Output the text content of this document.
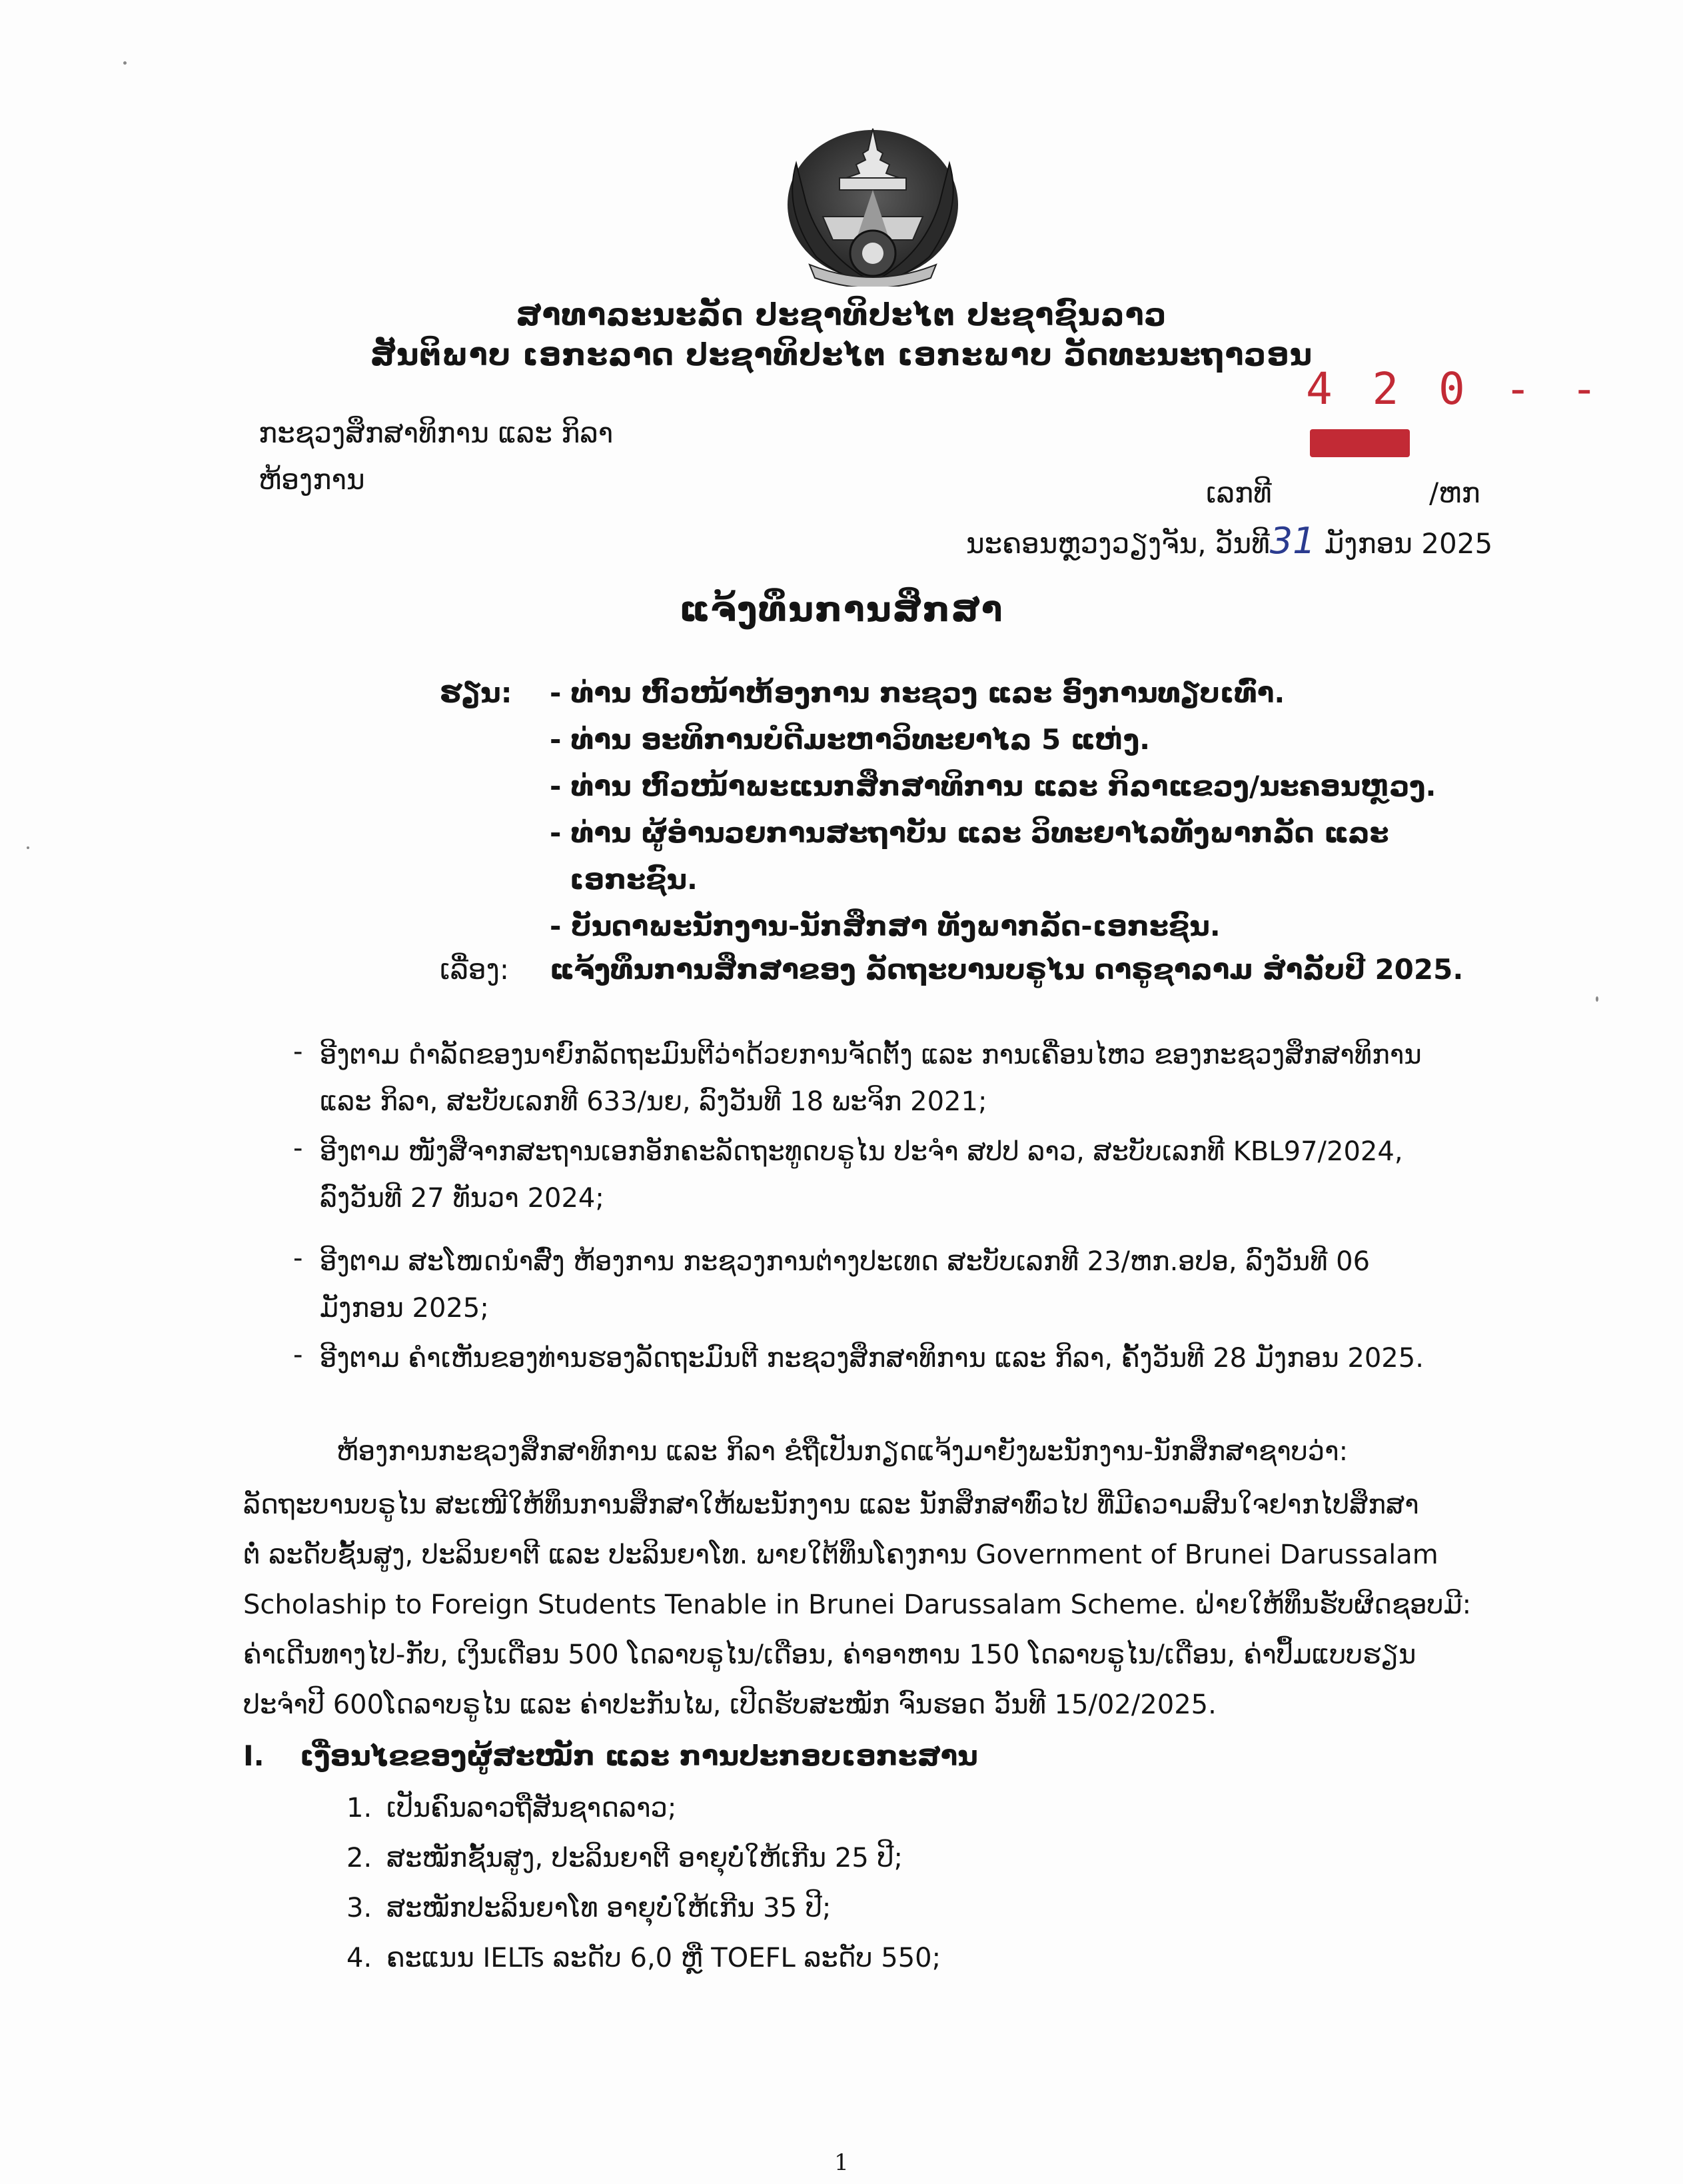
ສາທາລະນະລັດ ປະຊາທິປະໄຕ ປະຊາຊົນລາວ
ສັນຕິພາບ ເອກະລາດ ປະຊາທິປະໄຕ ເອກະພາບ ວັດທະນະຖາວອນ
4 2 0 - -
ກະຊວງສຶກສາທິການ ແລະ ກິລາ
ຫ້ອງການ	ເລກທີ	/ຫກ
ນະຄອນຫຼວງວຽງຈັນ, ວັນທີ31 ມັງກອນ 2025
ແຈ້ງທຶນການສຶກສາ
ຮຽນ: - ທ່ານ ຫົວໜ້າຫ້ອງການ ກະຊວງ ແລະ ອົງການທຽບເທົ່າ.
- ທ່ານ ອະທິການບໍດີມະຫາວິທະຍາໄລ 5 ແຫ່ງ.
- ທ່ານ ຫົວໜ້າພະແນກສຶກສາທິການ ແລະ ກິລາແຂວງ/ນະຄອນຫຼວງ.
- ທ່ານ ຜູ້ອຳນວຍການສະຖາບັນ ແລະ ວິທະຍາໄລທັງພາກລັດ ແລະ
ເອກະຊົນ.
- ບັນດາພະນັກງານ-ນັກສຶກສາ ທັງພາກລັດ-ເອກະຊົນ.
ເລື່ອງ: ແຈ້ງທຶນການສຶກສາຂອງ ລັດຖະບານບຣູໄນ ດາຣູຊາລາມ ສຳລັບປີ 2025.
- ອີງຕາມ ດຳລັດຂອງນາຍົກລັດຖະມົນຕີວ່າດ້ວຍການຈັດຕັ້ງ ແລະ ການເຄື່ອນໄຫວ ຂອງກະຊວງສຶກສາທິການ
ແລະ ກິລາ, ສະບັບເລກທີ 633/ນຍ, ລົງວັນທີ 18 ພະຈິກ 2021;
- ອີງຕາມ ໜັງສືຈາກສະຖານເອກອັກຄະລັດຖະທູດບຣູໄນ ປະຈຳ ສປປ ລາວ, ສະບັບເລກທີ KBL97/2024,
ລົງວັນທີ 27 ທັນວາ 2024;
- ອີງຕາມ ສະໂໜດນຳສົ່ງ ຫ້ອງການ ກະຊວງການຕ່າງປະເທດ ສະບັບເລກທີ 23/ຫກ.ອປອ, ລົງວັນທີ 06
ມັງກອນ 2025;
- ອີງຕາມ ຄຳເຫັນຂອງທ່ານຮອງລັດຖະມົນຕີ ກະຊວງສຶກສາທິການ ແລະ ກິລາ, ຄັ້ງວັນທີ 28 ມັງກອນ 2025.
ຫ້ອງການກະຊວງສຶກສາທິການ ແລະ ກິລາ ຂໍຖືເປັນກຽດແຈ້ງມາຍັງພະນັກງານ-ນັກສຶກສາຊາບວ່າ:
ລັດຖະບານບຣູໄນ ສະເໜີໃຫ້ທຶນການສຶກສາໃຫ້ພະນັກງານ ແລະ ນັກສຶກສາທົ່ວໄປ ທີ່ມີຄວາມສົນໃຈຢາກໄປສຶກສາ
ຕໍ່ ລະດັບຊັ້ນສູງ, ປະລິນຍາຕີ ແລະ ປະລິນຍາໂທ. ພາຍໃຕ້ທຶນໂຄງການ Government of Brunei Darussalam
Scholaship to Foreign Students Tenable in Brunei Darussalam Scheme. ຝ່າຍໃຫ້ທຶນຮັບຜິດຊອບມີ:
ຄ່າເດີນທາງໄປ-ກັບ, ເງິນເດືອນ 500 ໂດລາບຣູໄນ/ເດືອນ, ຄ່າອາຫານ 150 ໂດລາບຣູໄນ/ເດືອນ, ຄ່າປຶ້ມແບບຮຽນ
ປະຈຳປີ 600ໂດລາບຣູໄນ ແລະ ຄ່າປະກັນໄພ, ເປີດຮັບສະໝັກ ຈົນຮອດ ວັນທີ 15/02/2025.
I. ເງື່ອນໄຂຂອງຜູ້ສະໝັກ ແລະ ການປະກອບເອກະສານ
1. ເປັນຄົນລາວຖືສັນຊາດລາວ;
2. ສະໝັກຊັ້ນສູງ, ປະລິນຍາຕີ ອາຍຸບໍ່ໃຫ້ເກີນ 25 ປີ;
3. ສະໝັກປະລິນຍາໂທ ອາຍຸບໍ່ໃຫ້ເກີນ 35 ປີ;
4. ຄະແນນ IELTs ລະດັບ 6,0 ຫຼື TOEFL ລະດັບ 550;
1
